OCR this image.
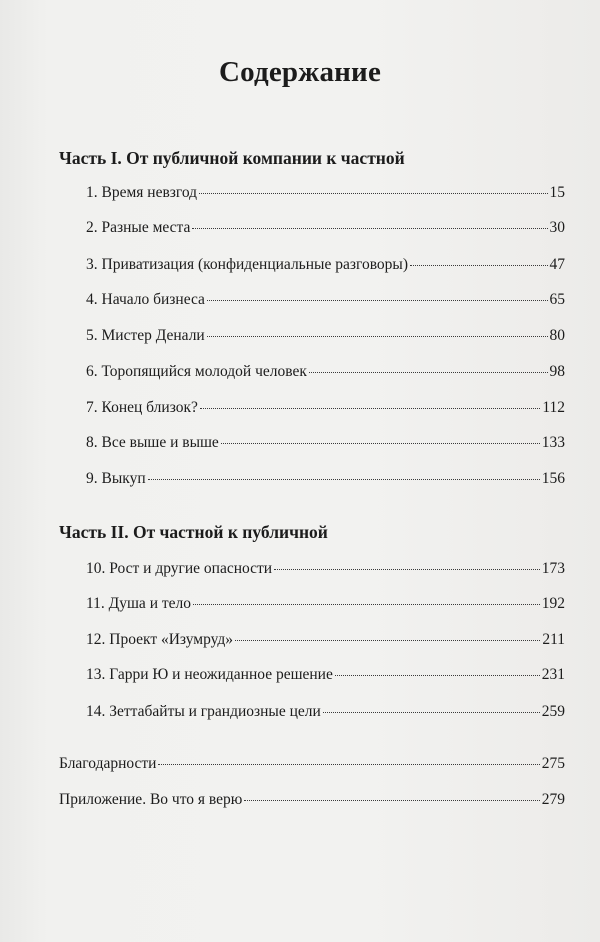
Содержание
Часть I. От публичной компании к частной
1. Время невзгод	15
2. Разные места	30
3. Приватизация (конфиденциальные разговоры)	47
4. Начало бизнеса	65
5. Мистер Денали	80
6. Торопящийся молодой человек	98
7. Конец близок?	112
8. Все выше и выше	133
9. Выкуп	156
Часть II. От частной к публичной
10. Рост и другие опасности	173
11. Душа и тело	192
12. Проект «Изумруд»	211
13. Гарри Ю и неожиданное решение	231
14. Зеттабайты и грандиозные цели	259
Благодарности	275
Приложение. Во что я верю	279
